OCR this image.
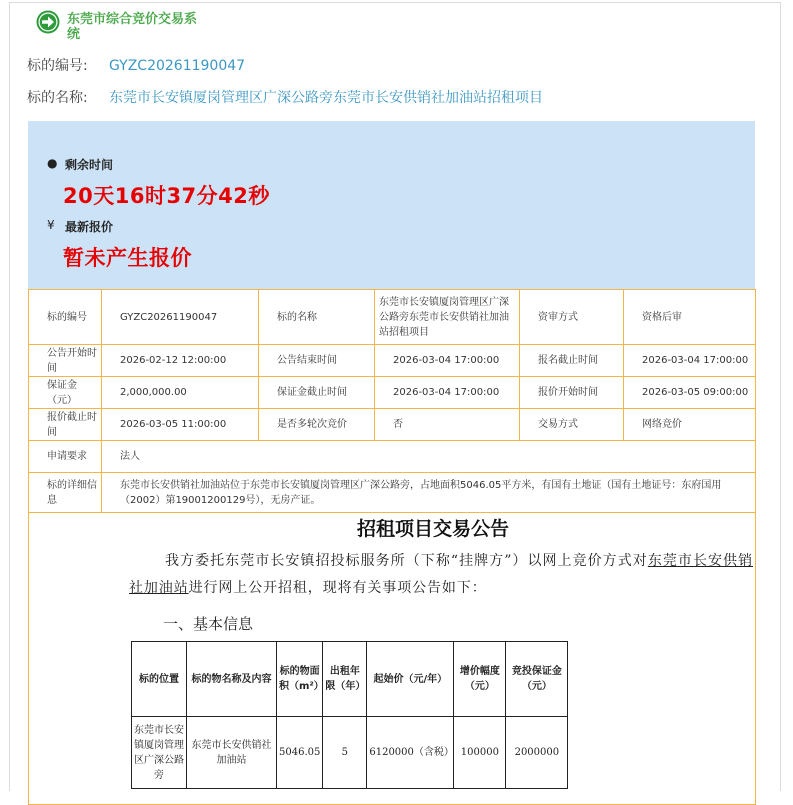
东莞市综合竞价交易系统
标的编号: GYZC20261190047
标的名称: 东莞市长安镇厦岗管理区广深公路旁东莞市长安供销社加油站招租项目
● 剩余时间
20天16时37分42秒
¥ 最新报价
暂未产生报价
标的编号	GYZC20261190047	标的名称	东莞市长安镇厦岗管理区广深公路旁东莞市长安供销社加油站招租项目	资审方式	资格后审
公告开始时间	2026-02-12 12:00:00	公告结束时间	2026-03-04 17:00:00	报名截止时间	2026-03-04 17:00:00
保证金（元）	2,000,000.00	保证金截止时间	2026-03-04 17:00:00	报价开始时间	2026-03-05 09:00:00
报价截止时间	2026-03-05 11:00:00	是否多轮次竞价	否	交易方式	网络竞价
申请要求	法人				
标的详细信息	东莞市长安供销社加油站位于东莞市长安镇厦岗管理区广深公路旁，占地面积5046.05平方米，有国有土地证（国有土地证号：东府国用（2002）第19001200129号），无房产证。				

招租项目交易公告
我方委托东莞市长安镇招投标服务所（下称“挂牌方”）以网上竞价方式对东莞市长安供销社加油站进行网上公开招租，现将有关事项公告如下：
一、基本信息
标的位置	标的物名称及内容	标的物面积（m²）	出租年限（年）	起始价（元/年）	增价幅度（元）	竞投保证金（元）
东莞市长安镇厦岗管理区广深公路旁	东莞市长安供销社加油站	5046.05	5	6120000（含税）	100000	2000000
